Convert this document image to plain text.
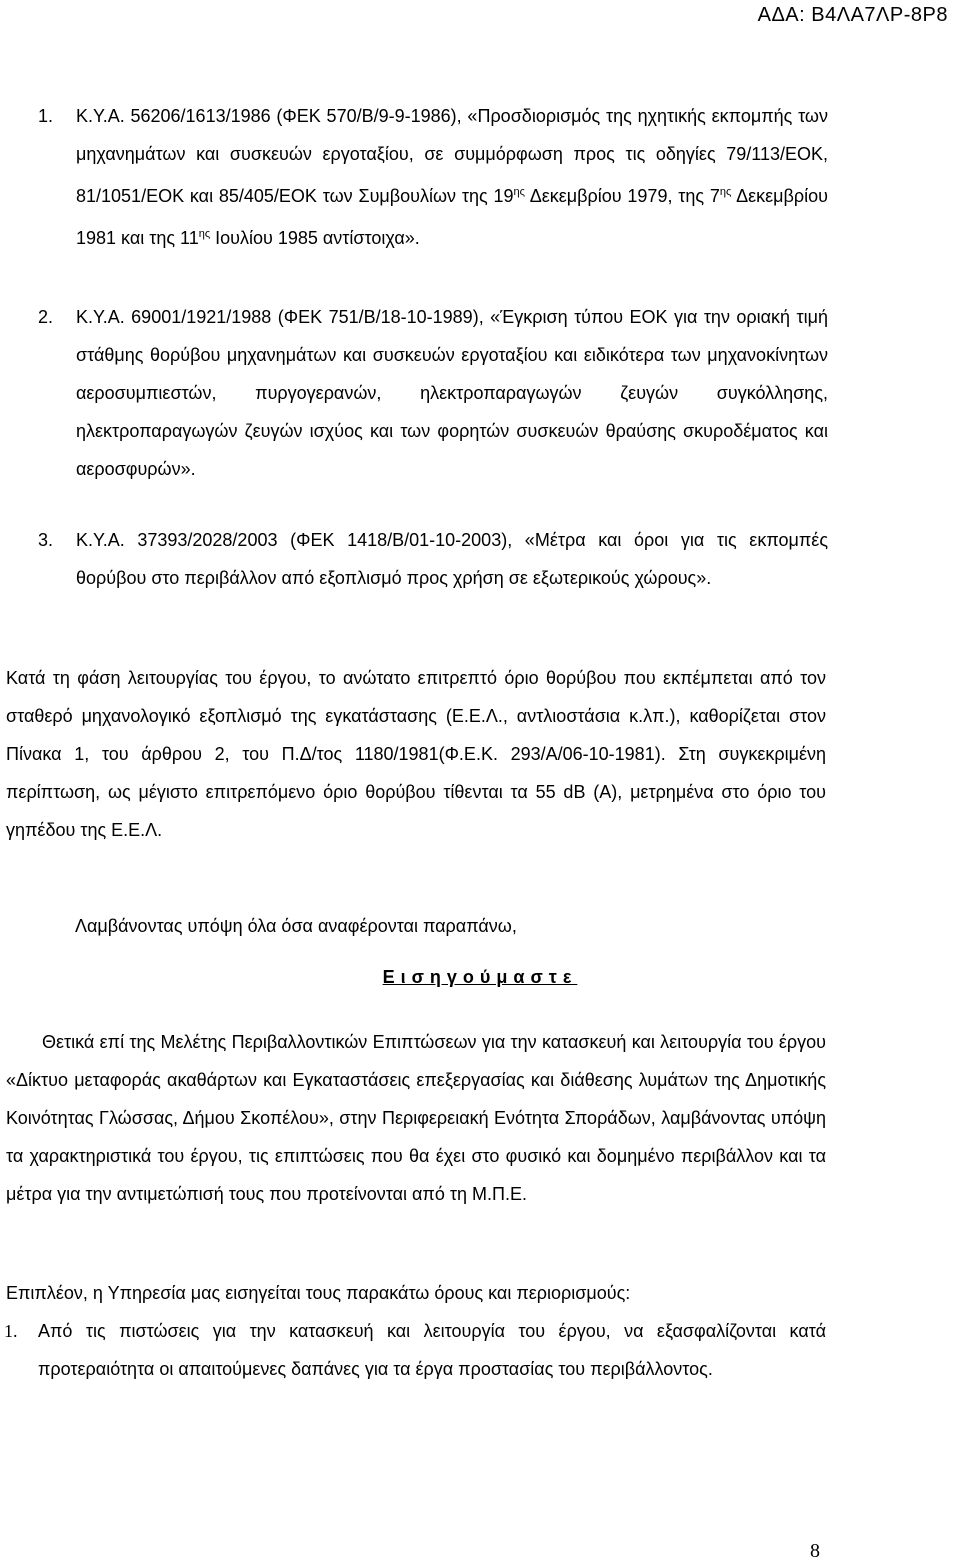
ΑΔΑ: Β4ΛΑ7ΛΡ-8Ρ8
1. Κ.Υ.Α. 56206/1613/1986 (ΦΕΚ 570/Β/9-9-1986), «Προσδιορισμός της ηχητικής εκπομπής των μηχανημάτων και συσκευών εργοταξίου, σε συμμόρφωση προς τις οδηγίες 79/113/ΕΟΚ, 81/1051/ΕΟΚ και 85/405/ΕΟΚ των Συμβουλίων της $19^{\eta\varsigma}$ Δεκεμβρίου 1979, της $7^{\eta\varsigma}$ Δεκεμβρίου 1981 και της $11^{\eta\varsigma}$ Ιουλίου 1985 αντίστοιχα».
2. Κ.Υ.Α. 69001/1921/1988 (ΦΕΚ 751/Β/18-10-1989), «Έγκριση τύπου ΕΟΚ για την οριακή τιμή στάθμης θορύβου μηχανημάτων και συσκευών εργοταξίου και ειδικότερα των μηχανοκίνητων αεροσυμπιεστών, πυργογερανών, ηλεκτροπαραγωγών ζευγών συγκόλλησης, ηλεκτροπαραγωγών ζευγών ισχύος και των φορητών συσκευών θραύσης σκυροδέματος και αεροσφυρών».
3. Κ.Υ.Α. 37393/2028/2003 (ΦΕΚ 1418/Β/01-10-2003), «Μέτρα και όροι για τις εκπομπές θορύβου στο περιβάλλον από εξοπλισμό προς χρήση σε εξωτερικούς χώρους».
Κατά τη φάση λειτουργίας του έργου, το ανώτατο επιτρεπτό όριο θορύβου που εκπέμπεται από τον σταθερό μηχανολογικό εξοπλισμό της εγκατάστασης (Ε.Ε.Λ., αντλιοστάσια κ.λπ.), καθορίζεται στον Πίνακα 1, του άρθρου 2, του Π.Δ/τος 1180/1981(Φ.Ε.Κ. 293/Α/06-10-1981). Στη συγκεκριμένη περίπτωση, ως μέγιστο επιτρεπόμενο όριο θορύβου τίθενται τα 55 dB (A), μετρημένα στο όριο του γηπέδου της Ε.Ε.Λ.
Λαμβάνοντας υπόψη όλα όσα αναφέρονται παραπάνω,
Εισηγούμαστε
Θετικά επί της Μελέτης Περιβαλλοντικών Επιπτώσεων για την κατασκευή και λειτουργία του έργου «Δίκτυο μεταφοράς ακαθάρτων και Εγκαταστάσεις επεξεργασίας και διάθεσης λυμάτων της Δημοτικής Κοινότητας Γλώσσας, Δήμου Σκοπέλου», στην Περιφερειακή Ενότητα Σποράδων, λαμβάνοντας υπόψη τα χαρακτηριστικά του έργου, τις επιπτώσεις που θα έχει στο φυσικό και δομημένο περιβάλλον και τα μέτρα για την αντιμετώπισή τους που προτείνονται από τη Μ.Π.Ε.
Επιπλέον, η Υπηρεσία μας εισηγείται τους παρακάτω όρους και περιορισμούς:
1. Από τις πιστώσεις για την κατασκευή και λειτουργία του έργου, να εξασφαλίζονται κατά προτεραιότητα οι απαιτούμενες δαπάνες για τα έργα προστασίας του περιβάλλοντος.
8
